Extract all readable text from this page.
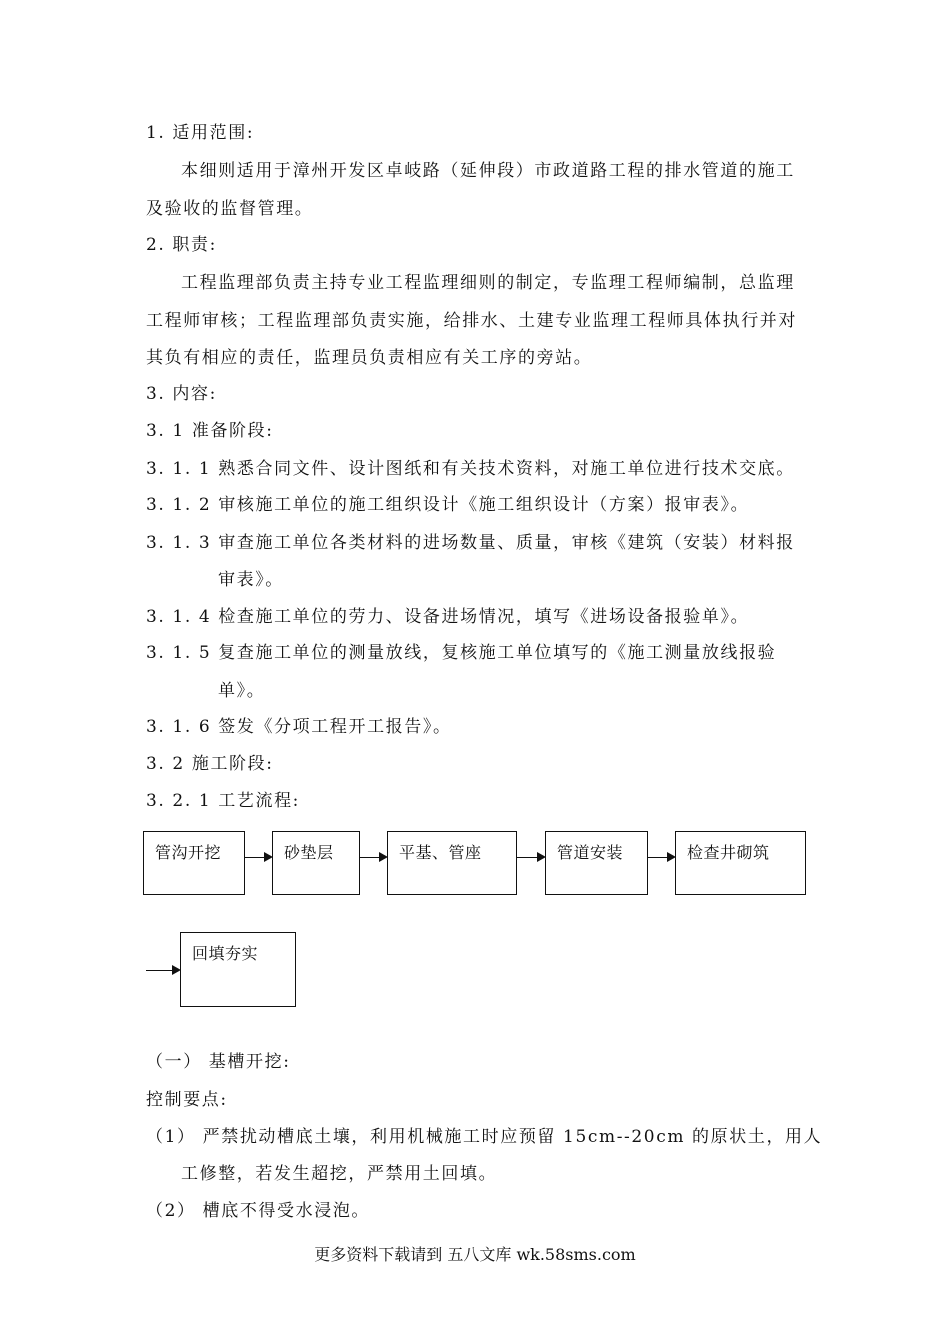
1. 适用范围:
本细则适用于漳州开发区卓岐路（延伸段）市政道路工程的排水管道的施工
及验收的监督管理。
2. 职责:
工程监理部负责主持专业工程监理细则的制定，专监理工程师编制，总监理
工程师审核；工程监理部负责实施，给排水、土建专业监理工程师具体执行并对
其负有相应的责任，监理员负责相应有关工序的旁站。
3. 内容:
3. 1 准备阶段:
3. 1. 1 熟悉合同文件、设计图纸和有关技术资料，对施工单位进行技术交底。
3. 1. 2 审核施工单位的施工组织设计《施工组织设计（方案）报审表》。
3. 1. 3 审查施工单位各类材料的进场数量、质量，审核《建筑（安装）材料报
审表》。
3. 1. 4 检查施工单位的劳力、设备进场情况，填写《进场设备报验单》。
3. 1. 5 复查施工单位的测量放线，复核施工单位填写的《施工测量放线报验
单》。
3. 1. 6 签发《分项工程开工报告》。
3. 2 施工阶段:
3. 2. 1 工艺流程:
管沟开挖	砂垫层	平基、管座	管道安装	检查井砌筑
回填夯实
（一） 基槽开挖:
控制要点:
（1） 严禁扰动槽底土壤，利用机械施工时应预留 15cm--20cm 的原状土，用人
工修整，若发生超挖，严禁用土回填。
（2） 槽底不得受水浸泡。
更多资料下载请到 五八文库 wk.58sms.com
